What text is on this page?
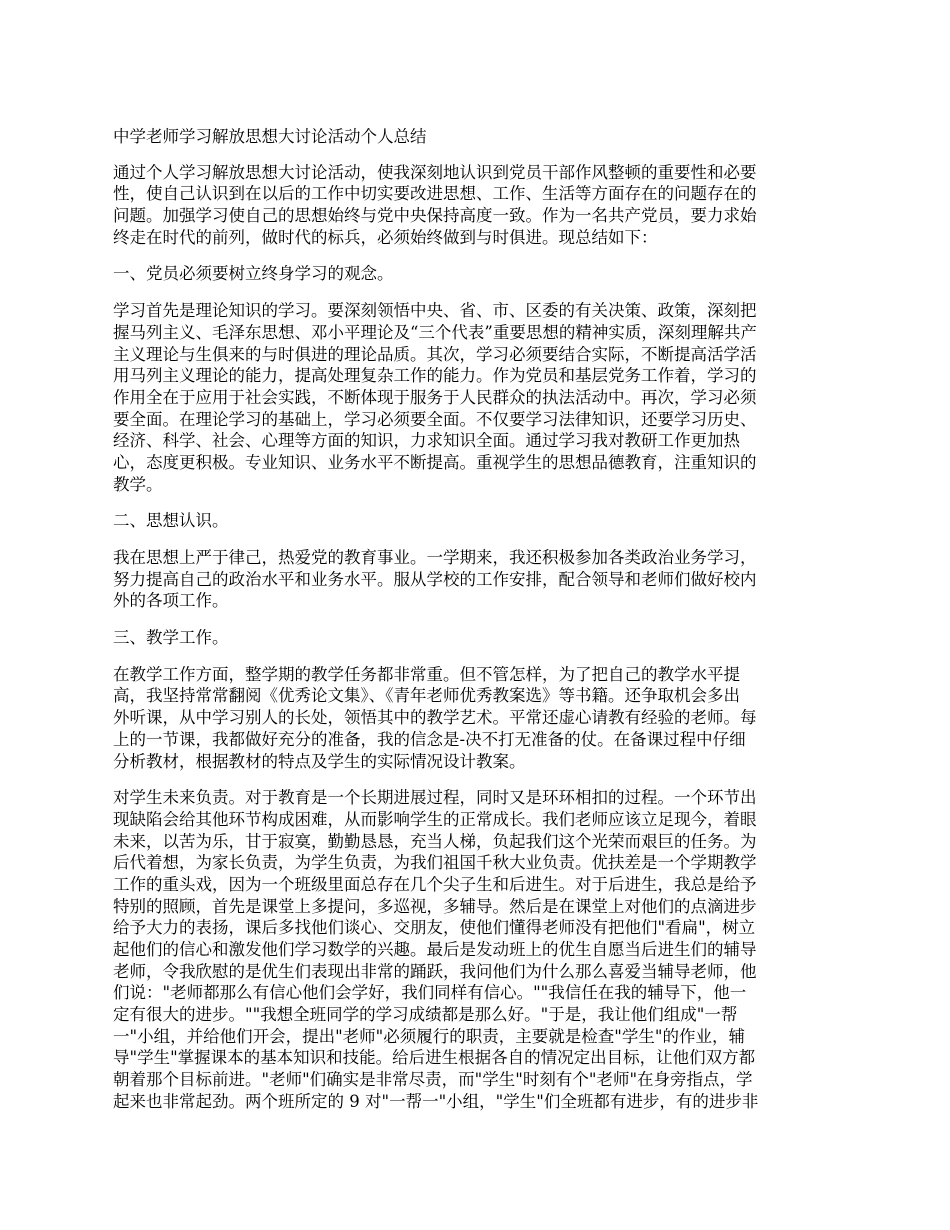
中学老师学习解放思想大讨论活动个人总结
通过个人学习解放思想大讨论活动，使我深刻地认识到党员干部作风整顿的重要性和必要
性，使自己认识到在以后的工作中切实要改进思想、工作、生活等方面存在的问题存在的
问题。加强学习使自己的思想始终与党中央保持高度一致。作为一名共产党员，要力求始
终走在时代的前列，做时代的标兵，必须始终做到与时俱进。现总结如下：
一、党员必须要树立终身学习的观念。
学习首先是理论知识的学习。要深刻领悟中央、省、市、区委的有关决策、政策，深刻把
握马列主义、毛泽东思想、邓小平理论及“三个代表”重要思想的精神实质，深刻理解共产
主义理论与生俱来的与时俱进的理论品质。其次，学习必须要结合实际，不断提高活学活
用马列主义理论的能力，提高处理复杂工作的能力。作为党员和基层党务工作着，学习的
作用全在于应用于社会实践，不断体现于服务于人民群众的执法活动中。再次，学习必须
要全面。在理论学习的基础上，学习必须要全面。不仅要学习法律知识，还要学习历史、
经济、科学、社会、心理等方面的知识，力求知识全面。通过学习我对教研工作更加热
心，态度更积极。专业知识、业务水平不断提高。重视学生的思想品德教育，注重知识的
教学。
二、思想认识。
我在思想上严于律己，热爱党的教育事业。一学期来，我还积极参加各类政治业务学习，
努力提高自己的政治水平和业务水平。服从学校的工作安排，配合领导和老师们做好校内
外的各项工作。
三、教学工作。
在教学工作方面，整学期的教学任务都非常重。但不管怎样，为了把自己的教学水平提
高，我坚持常常翻阅《优秀论文集》、《青年老师优秀教案选》等书籍。还争取机会多出
外听课，从中学习别人的长处，领悟其中的教学艺术。平常还虚心请教有经验的老师。每
上的一节课，我都做好充分的准备，我的信念是-决不打无准备的仗。在备课过程中仔细
分析教材，根据教材的特点及学生的实际情况设计教案。
对学生未来负责。对于教育是一个长期进展过程，同时又是环环相扣的过程。一个环节出
现缺陷会给其他环节构成困难，从而影响学生的正常成长。我们老师应该立足现今，着眼
未来，以苦为乐，甘于寂寞，勤勤恳恳，充当人梯，负起我们这个光荣而艰巨的任务。为
后代着想，为家长负责，为学生负责，为我们祖国千秋大业负责。优扶差是一个学期教学
工作的重头戏，因为一个班级里面总存在几个尖子生和后进生。对于后进生，我总是给予
特别的照顾，首先是课堂上多提问，多巡视，多辅导。然后是在课堂上对他们的点滴进步
给予大力的表扬，课后多找他们谈心、交朋友，使他们懂得老师没有把他们"看扁"，树立
起他们的信心和激发他们学习数学的兴趣。最后是发动班上的优生自愿当后进生们的辅导
老师，令我欣慰的是优生们表现出非常的踊跃，我问他们为什么那么喜爱当辅导老师，他
们说："老师都那么有信心他们会学好，我们同样有信心。""我信任在我的辅导下，他一
定有很大的进步。""我想全班同学的学习成绩都是那么好。"于是，我让他们组成"一帮
一"小组，并给他们开会，提出"老师"必须履行的职责，主要就是检查"学生"的作业，辅
导"学生"掌握课本的基本知识和技能。给后进生根据各自的情况定出目标，让他们双方都
朝着那个目标前进。"老师"们确实是非常尽责，而"学生"时刻有个"老师"在身旁指点，学
起来也非常起劲。两个班所定的 9 对"一帮一"小组，"学生"们全班都有进步，有的进步非
